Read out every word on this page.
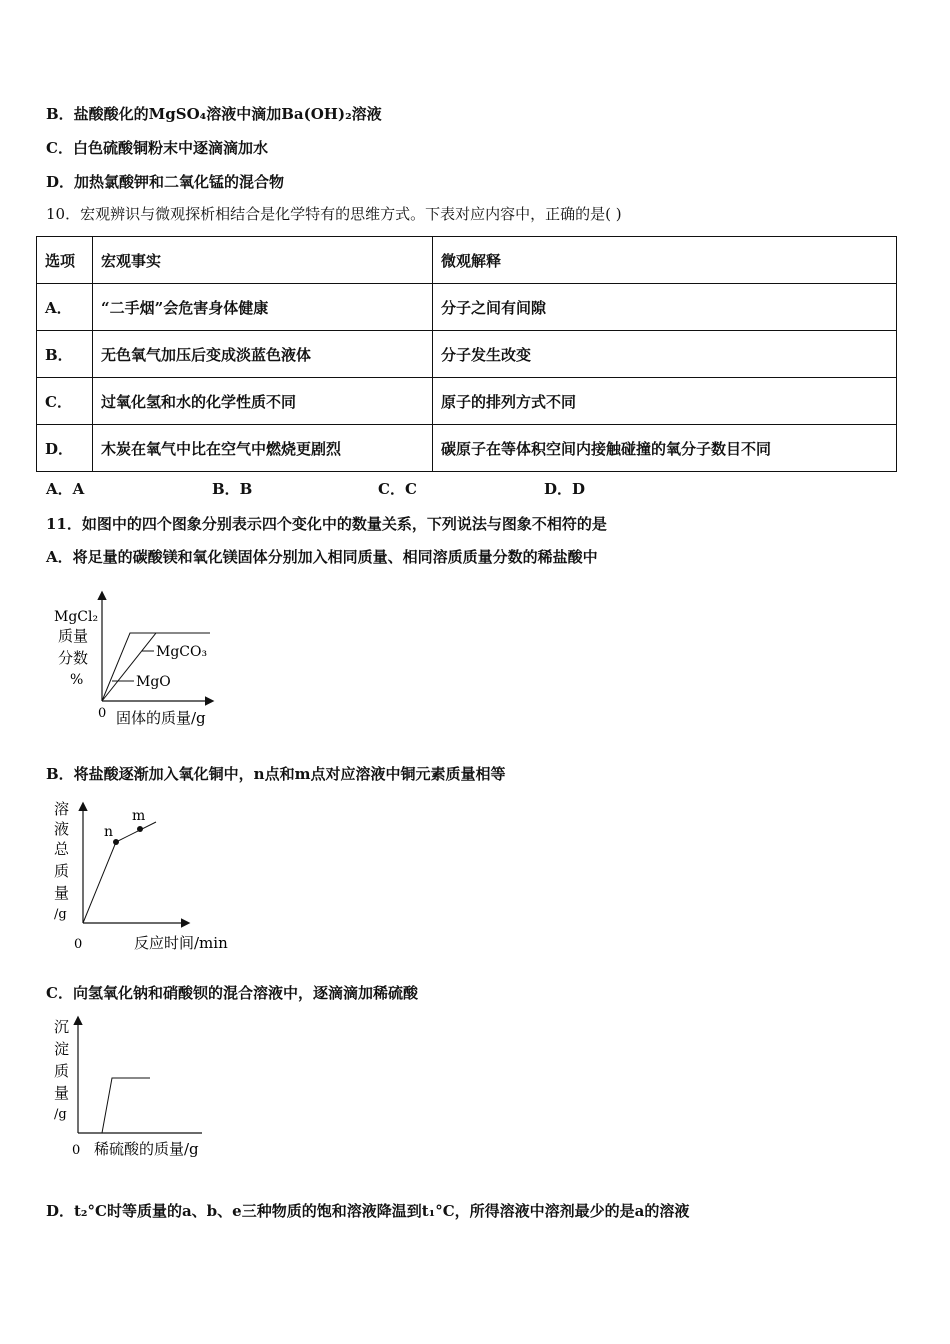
B．盐酸酸化的MgSO₄溶液中滴加Ba(OH)₂溶液
C．白色硫酸铜粉末中逐滴滴加水
D．加热氯酸钾和二氧化锰的混合物
10．宏观辨识与微观探析相结合是化学特有的思维方式。下表对应内容中，正确的是( )
选项	宏观事实	微观解释
A．	“二手烟”会危害身体健康	分子之间有间隙
B．	无色氧气加压后变成淡蓝色液体	分子发生改变
C．	过氧化氢和水的化学性质不同	原子的排列方式不同
D．	木炭在氧气中比在空气中燃烧更剧烈	碳原子在等体积空间内接触碰撞的氧分子数目不同
A．A	B．B	C．C	D．D
11．如图中的四个图象分别表示四个变化中的数量关系，下列说法与图象不相符的是
A．将足量的碳酸镁和氧化镁固体分别加入相同质量、相同溶质质量分数的稀盐酸中
MgCO₃
MgO
MgCl₂
质量
分数
%
0 固体的质量/g
B．将盐酸逐渐加入氧化铜中，n点和m点对应溶液中铜元素质量相等
n
m
溶
液
总
质
量
/g
0	反应时间/min
C．向氢氧化钠和硝酸钡的混合溶液中，逐滴滴加稀硫酸
沉
淀
质
量
/g
0 稀硫酸的质量/g
D．t₂°C时等质量的a、b、e三种物质的饱和溶液降温到t₁°C，所得溶液中溶剂最少的是a的溶液
